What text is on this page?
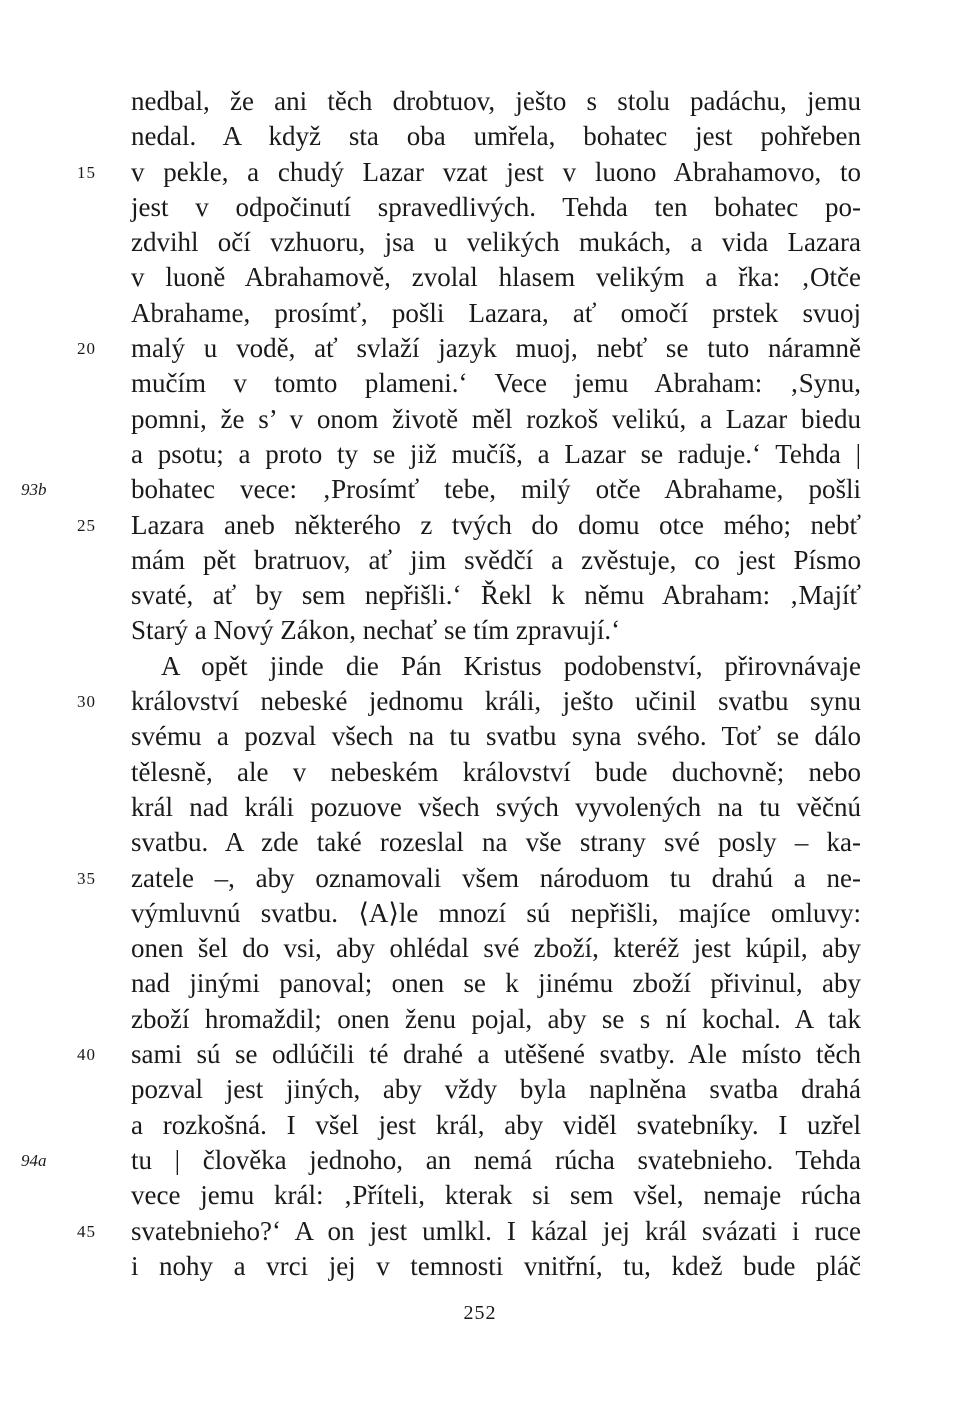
nedbal, že ani těch drobtuov, ješto s stolu padáchu, jemu
nedal. A když sta oba umřela, bohatec jest pohřeben
15	v pekle, a chudý Lazar vzat jest v luono Abrahamovo, to
jest v odpočinutí spravedlivých. Tehda ten bohatec po-
zdvihl očí vzhuoru, jsa u velikých mukách, a vida Lazara
v luoně Abrahamově, zvolal hlasem velikým a řka: ‚Otče
Abrahame, prosímť, pošli Lazara, ať omočí prstek svuoj
20	malý u vodě, ať svlaží jazyk muoj, nebť se tuto náramně
mučím v tomto plameni.‘ Vece jemu Abraham: ‚Synu,
pomni, že s’ v onom životě měl rozkoš velikú, a Lazar biedu
a psotu; a proto ty se již mučíš, a Lazar se raduje.‘ Tehda |
93b	bohatec vece: ‚Prosímť tebe, milý otče Abrahame, pošli
25	Lazara aneb některého z tvých do domu otce mého; nebť
mám pět bratruov, ať jim svědčí a zvěstuje, co jest Písmo
svaté, ať by sem nepřišli.‘ Řekl k němu Abraham: ‚Majíť
Starý a Nový Zákon, nechať se tím zpravují.‘
A opět jinde die Pán Kristus podobenství, přirovnávaje
30	království nebeské jednomu králi, ješto učinil svatbu synu
svému a pozval všech na tu svatbu syna svého. Toť se dálo
tělesně, ale v nebeském království bude duchovně; nebo
král nad králi pozuove všech svých vyvolených na tu věčnú
svatbu. A zde také rozeslal na vše strany své posly – ka-
35	zatele –, aby oznamovali všem národuom tu drahú a ne-
výmluvnú svatbu. ⟨A⟩le mnozí sú nepřišli, majíce omluvy:
onen šel do vsi, aby ohlédal své zboží, kteréž jest kúpil, aby
nad jinými panoval; onen se k jinému zboží přivinul, aby
zboží hromaždil; onen ženu pojal, aby se s ní kochal. A tak
40	sami sú se odlúčili té drahé a utěšené svatby. Ale místo těch
pozval jest jiných, aby vždy byla naplněna svatba drahá
a rozkošná. I všel jest král, aby viděl svatebníky. I uzřel
94a	tu | člověka jednoho, an nemá rúcha svatebnieho. Tehda
vece jemu král: ‚Příteli, kterak si sem všel, nemaje rúcha
45	svatebnieho?‘ A on jest umlkl. I kázal jej král svázati i ruce
i nohy a vrci jej v temnosti vnitřní, tu, kdež bude pláč
252
